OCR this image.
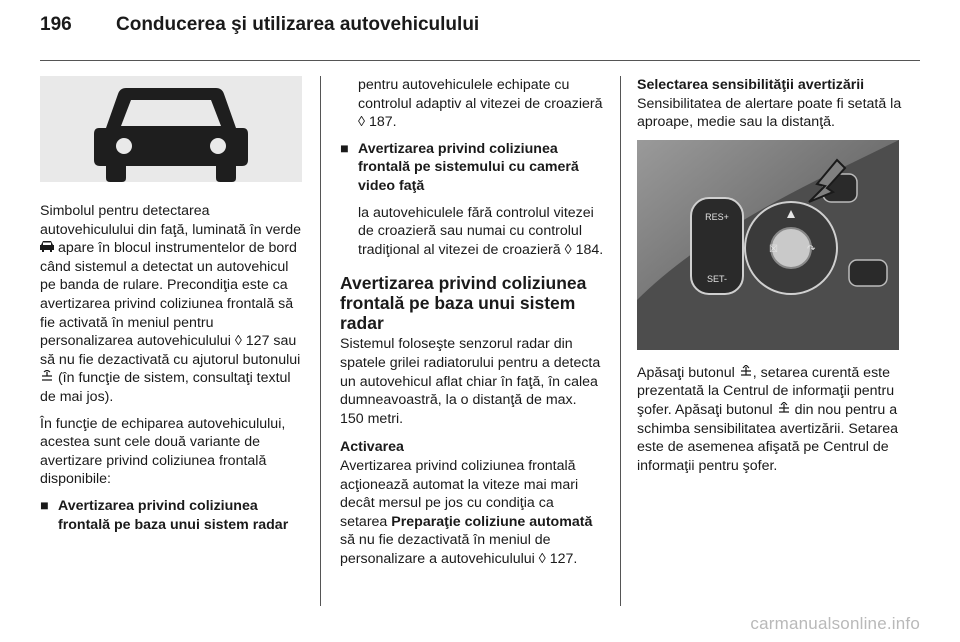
196 Conducerea şi utilizarea autovehiculului

Simbolul pentru detectarea autovehiculului din faţă, luminată în verde  apare în blocul instrumentelor de bord când sistemul a detectat un autovehicul pe banda de rulare. Precondiţia este ca avertizarea privind coliziunea frontală să fie activată în meniul pentru personalizarea autovehiculului ◊ 127 sau să nu fie dezactivată cu ajutorul butonului  (în funcţie de sistem, consultaţi textul de mai jos).

În funcţie de echiparea autovehiculului, acestea sunt cele două variante de avertizare privind coliziunea frontală disponibile:

■ Avertizarea privind coliziunea frontală pe baza unui sistem radar

pentru autovehiculele echipate cu controlul adaptiv al vitezei de croazieră ◊ 187.

■ Avertizarea privind coliziunea frontală pe sistemului cu cameră video faţă

la autovehiculele fără controlul vitezei de croazieră sau numai cu controlul tradiţional al vitezei de croazieră ◊ 184.

Avertizarea privind coliziunea frontală pe baza unui sistem radar

Sistemul foloseşte senzorul radar din spatele grilei radiatorului pentru a detecta un autovehicul aflat chiar în faţă, în calea dumneavoastră, la o distanţă de max. 150 metri.

Activarea

Avertizarea privind coliziunea frontală acţionează automat la viteze mai mari decât mersul pe jos cu condiţia ca setarea Preparaţie coliziune automată să nu fie dezactivată în meniul de personalizare a autovehiculului ◊ 127.

Selectarea sensibilităţii avertizării

Sensibilitatea de alertare poate fi setată la aproape, medie sau la distanţă.

RES+
SET-
☒	↷

Apăsaţi butonul , setarea curentă este prezentată la Centrul de informaţii pentru şofer. Apăsaţi butonul din nou pentru a schimba sensibilitatea avertizării. Setarea este de asemenea afişată pe Centrul de informaţii pentru şofer.

carmanualsonline.info
